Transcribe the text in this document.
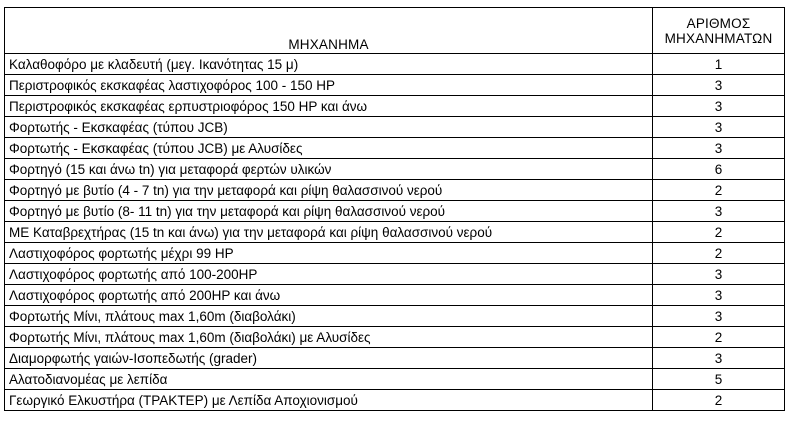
ΜΗΧΑΝΗΜΑ	ΑΡΙΘΜΟΣ
ΜΗΧΑΝΗΜΑΤΩΝ

Καλαθοφόρο με κλαδευτή (μεγ. Ικανότητας 15 μ)	1
Περιστροφικός εκσκαφέας λαστιχοφόρος 100 - 150 HP	3
Περιστροφικός εκσκαφέας ερπυστριοφόρος 150 HP και άνω	3
Φορτωτής - Εκσκαφέας (τύπου JCB)	3
Φορτωτής - Εκσκαφέας (τύπου JCB) με Αλυσίδες	3
Φορτηγό (15 και άνω tn) για μεταφορά φερτών υλικών	6
Φορτηγό με βυτίο (4 - 7 tn) για την μεταφορά και ρίψη θαλασσινού νερού	2
Φορτηγό με βυτίο (8- 11 tn) για την μεταφορά και ρίψη θαλασσινού νερού	3
ΜΕ Καταβρεχτήρας (15 tn και άνω) για την μεταφορά και ρίψη θαλασσινού νερού	2
Λαστιχοφόρος φορτωτής μέχρι 99 HP	2
Λαστιχοφόρος φορτωτής από 100-200HP	3
Λαστιχοφόρος φορτωτής από 200HP και άνω	3
Φορτωτής Μίνι, πλάτους max 1,60m (διαβολάκι)	3
Φορτωτής Μίνι, πλάτους max 1,60m (διαβολάκι) με Αλυσίδες	2
Διαμορφωτής γαιών-Ισοπεδωτής (grader)	3
Αλατοδιανομέας με λεπίδα	5
Γεωργικό Ελκυστήρα (ΤΡΑΚΤΕΡ) με Λεπίδα Αποχιονισμού	2
